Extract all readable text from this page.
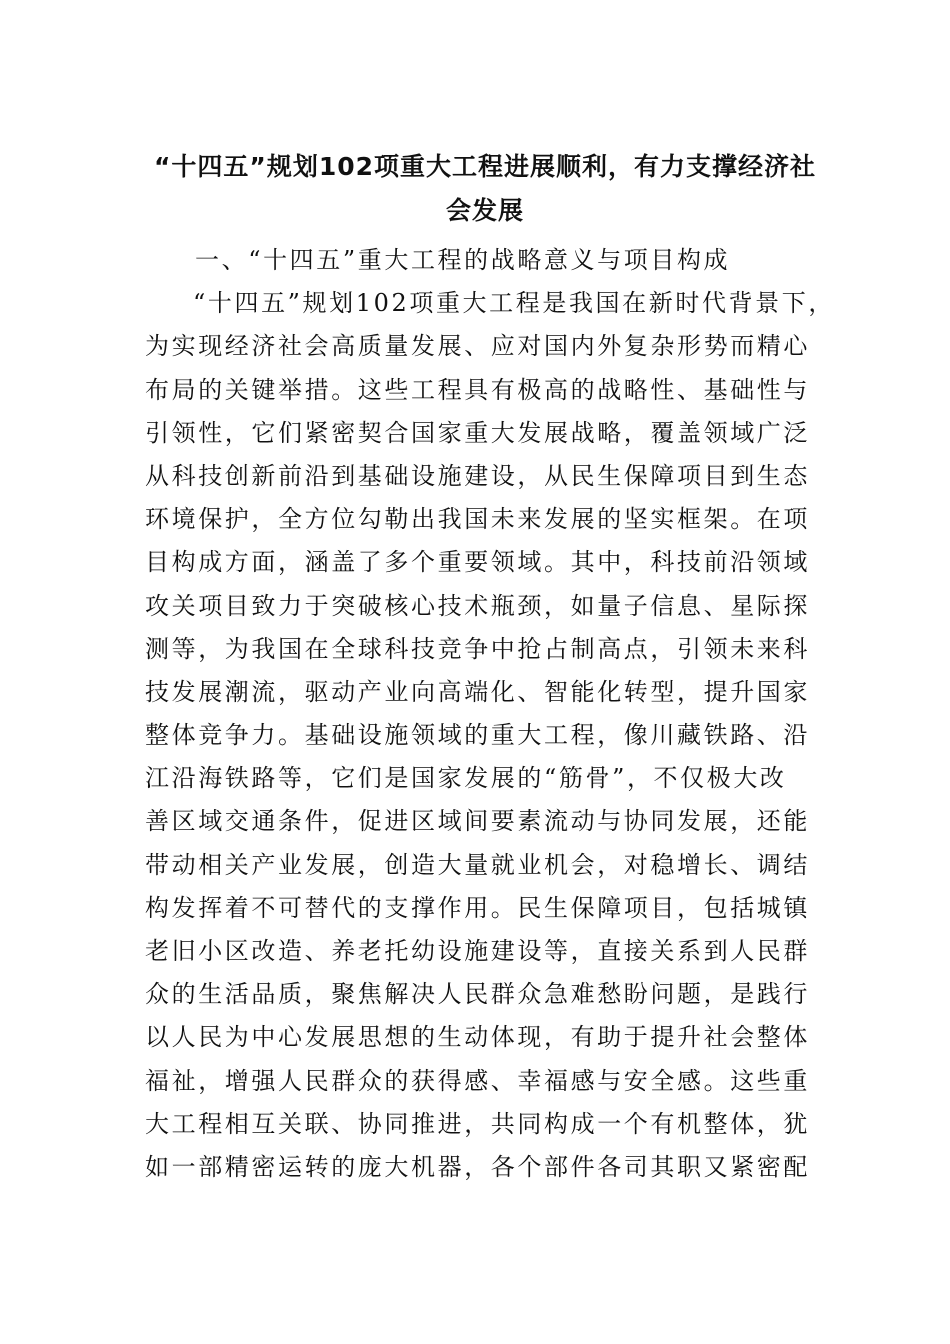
“十四五”规划102项重大工程进展顺利，有力支撑经济社
会发展
一、“十四五”重大工程的战略意义与项目构成
“十四五”规划102项重大工程是我国在新时代背景下，
为实现经济社会高质量发展、应对国内外复杂形势而精心
布局的关键举措。这些工程具有极高的战略性、基础性与
引领性，它们紧密契合国家重大发展战略，覆盖领域广泛
从科技创新前沿到基础设施建设，从民生保障项目到生态
环境保护，全方位勾勒出我国未来发展的坚实框架。在项
目构成方面，涵盖了多个重要领域。其中，科技前沿领域
攻关项目致力于突破核心技术瓶颈，如量子信息、星际探
测等，为我国在全球科技竞争中抢占制高点，引领未来科
技发展潮流，驱动产业向高端化、智能化转型，提升国家
整体竞争力。基础设施领域的重大工程，像川藏铁路、沿
江沿海铁路等，它们是国家发展的“筋骨”，不仅极大改
善区域交通条件，促进区域间要素流动与协同发展，还能
带动相关产业发展，创造大量就业机会，对稳增长、调结
构发挥着不可替代的支撑作用。民生保障项目，包括城镇
老旧小区改造、养老托幼设施建设等，直接关系到人民群
众的生活品质，聚焦解决人民群众急难愁盼问题，是践行
以人民为中心发展思想的生动体现，有助于提升社会整体
福祉，增强人民群众的获得感、幸福感与安全感。这些重
大工程相互关联、协同推进，共同构成一个有机整体，犹
如一部精密运转的庞大机器，各个部件各司其职又紧密配
